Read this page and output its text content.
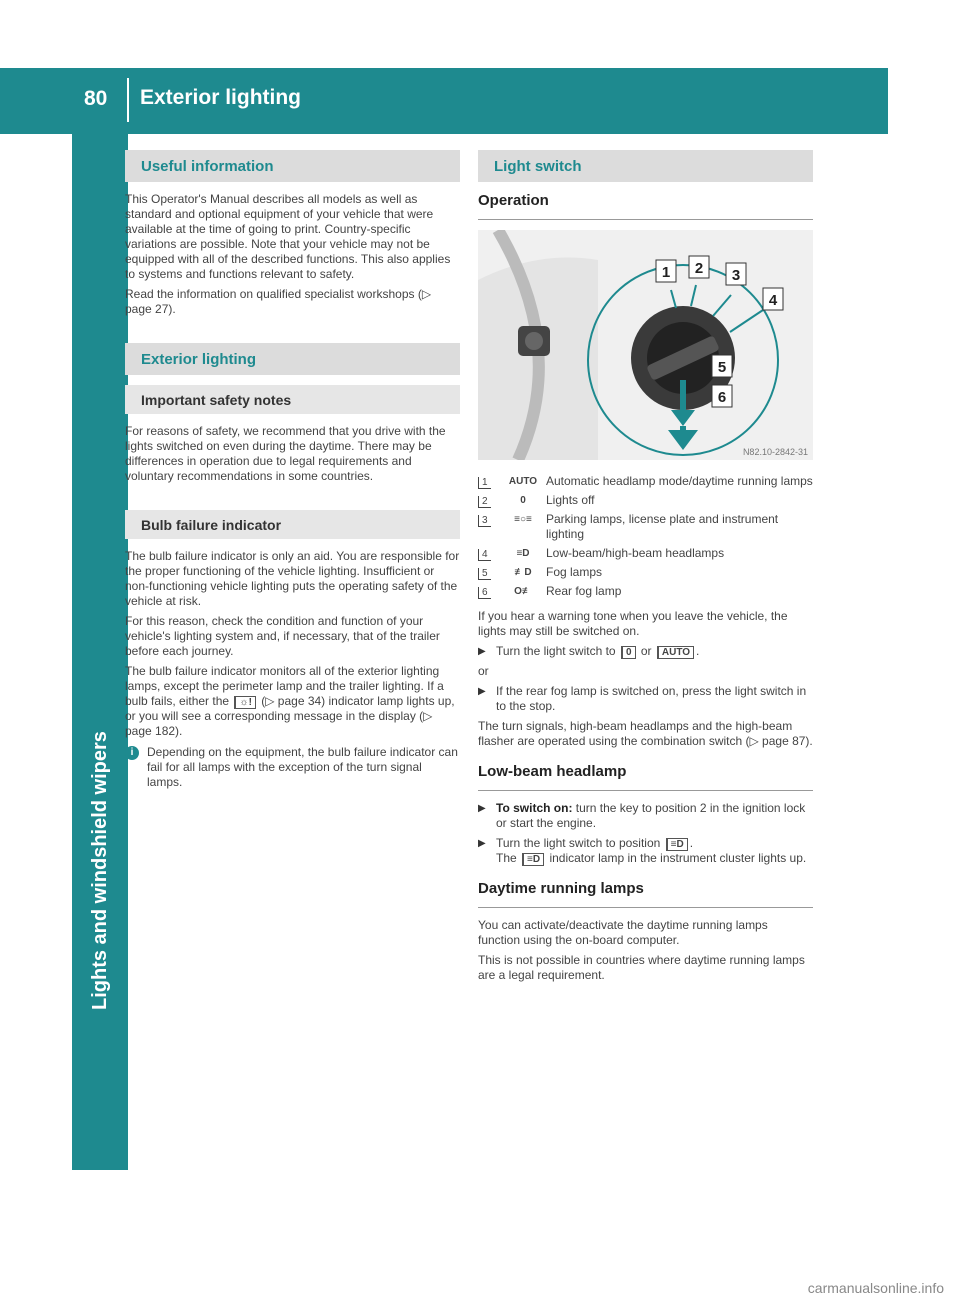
80 Exterior lighting
Lights and windshield wipers
Useful information

This Operator's Manual describes all models as well as standard and optional equipment of your vehicle that were available at the time of going to print. Country-specific variations are possible. Note that your vehicle may not be equipped with all of the described functions. This also applies to systems and functions relevant to safety.

Read the information on qualified specialist workshops (▷ page 27).

Exterior lighting
Important safety notes

For reasons of safety, we recommend that you drive with the lights switched on even during the daytime. There may be differences in operation due to legal requirements and voluntary recommendations in some countries.

Bulb failure indicator

The bulb failure indicator is only an aid. You are responsible for the proper functioning of the vehicle lighting. Insufficient or non-functioning vehicle lighting puts the operating safety of the vehicle at risk.

For this reason, check the condition and function of your vehicle's lighting system and, if necessary, that of the trailer before each journey.

The bulb failure indicator monitors all of the exterior lighting lamps, except the perimeter lamp and the trailer lighting. If a bulb fails, either the ☼! (▷ page 34) indicator lamp lights up, or you will see a corresponding message in the display (▷ page 182).

i	Depending on the equipment, the bulb failure indicator can fail for all lamps with the exception of the turn signal lamps.

Light switch
Operation
1 2 3
4
5
6
N82.10-2842-31
1	AUTO	Automatic headlamp mode/daytime running lamps
2	0	Lights off
3	≡○≡	Parking lamps, license plate and instrument lighting
4	≡D	Low-beam/high-beam headlamps
5	≢D	Fog lamps
6	O≢	Rear fog lamp

If you hear a warning tone when you leave the vehicle, the lights may still be switched on.

▶ Turn the light switch to 0 or AUTO .

or

▶ If the rear fog lamp is switched on, press the light switch in to the stop.

The turn signals, high-beam headlamps and the high-beam flasher are operated using the combination switch (▷ page 87).

Low-beam headlamp
▶ To switch on: turn the key to position 2 in the ignition lock or start the engine.
▶ Turn the light switch to position ≡D .
The ≡D indicator lamp in the instrument cluster lights up.
Daytime running lamps

You can activate/deactivate the daytime running lamps function using the on-board computer.

This is not possible in countries where daytime running lamps are a legal requirement.

carmanualsonline.info
